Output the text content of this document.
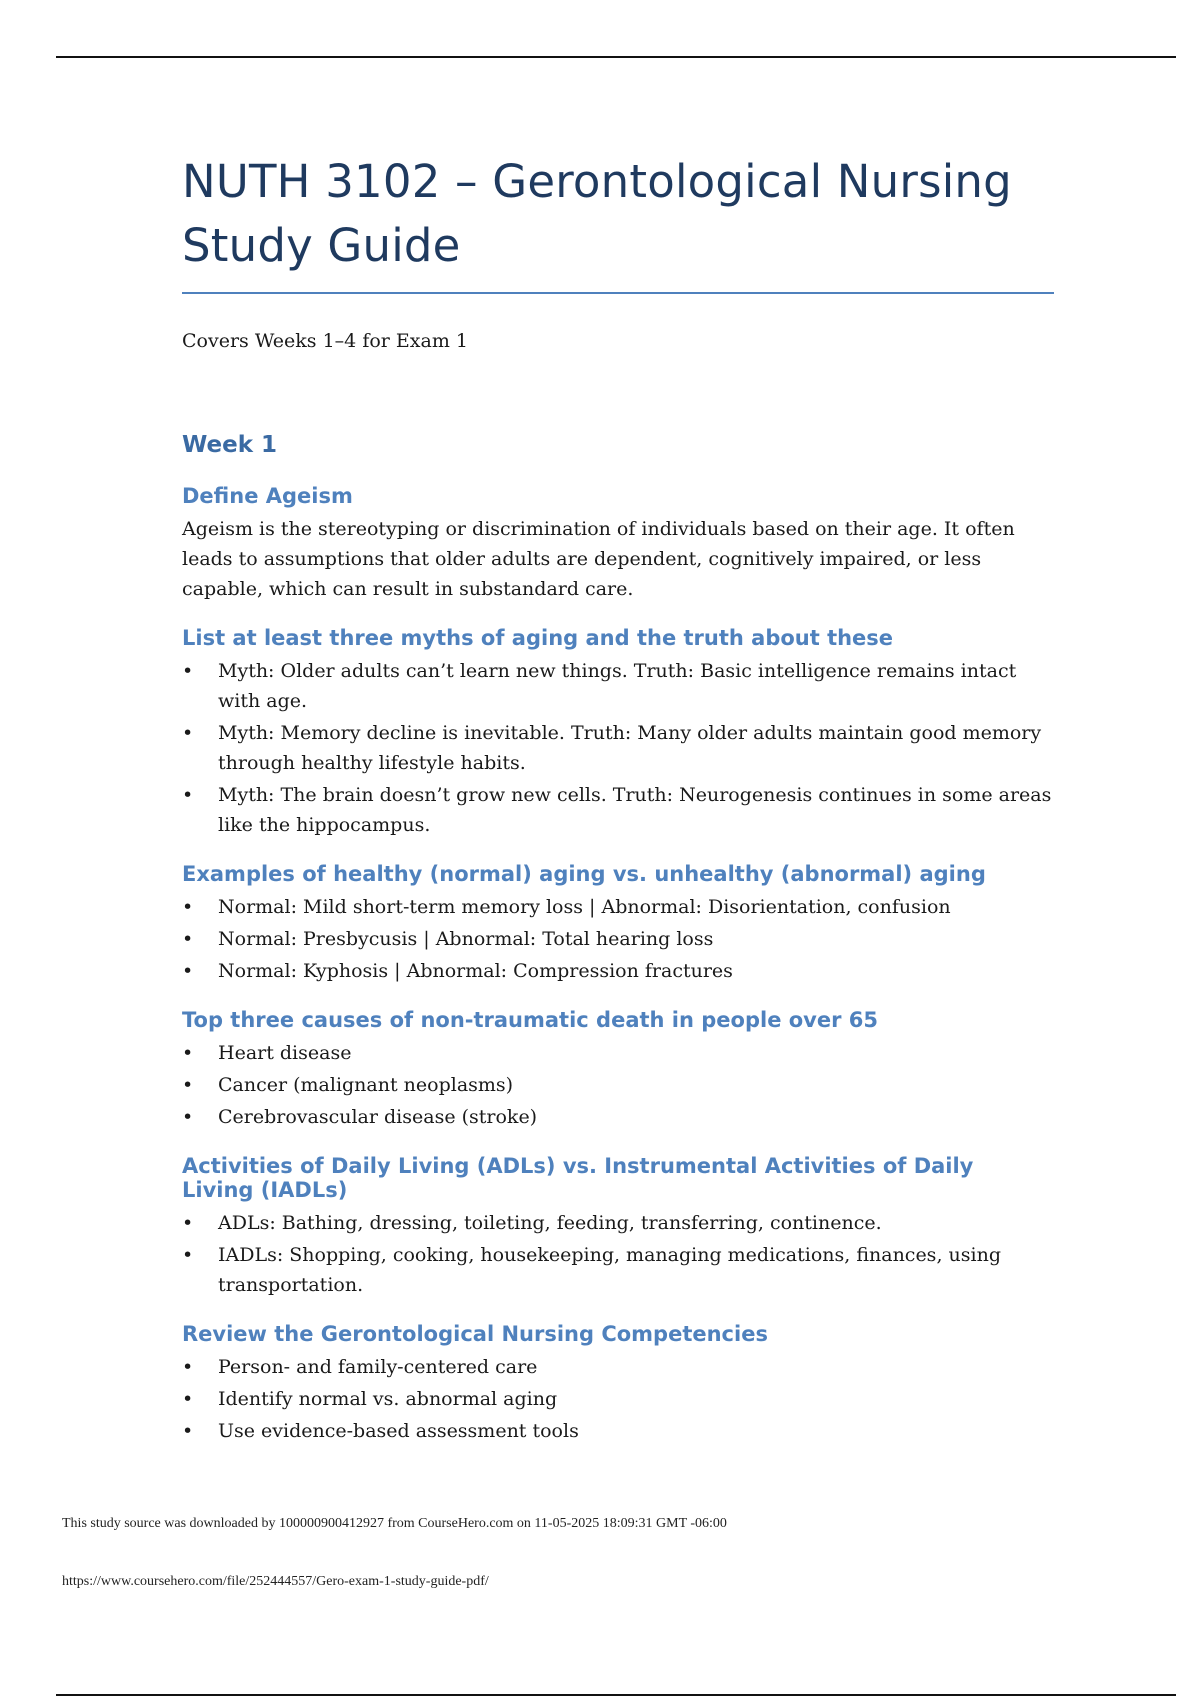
NUTH 3102 – Gerontological Nursing Study Guide
Covers Weeks 1–4 for Exam 1
Week 1
Define Ageism

Ageism is the stereotyping or discrimination of individuals based on their age. It often leads to assumptions that older adults are dependent, cognitively impaired, or less capable, which can result in substandard care.

List at least three myths of aging and the truth about these
• Myth: Older adults can’t learn new things. Truth: Basic intelligence remains intact with age.
• Myth: Memory decline is inevitable. Truth: Many older adults maintain good memory through healthy lifestyle habits.
• Myth: The brain doesn’t grow new cells. Truth: Neurogenesis continues in some areas like the hippocampus.
Examples of healthy (normal) aging vs. unhealthy (abnormal) aging
• Normal: Mild short-term memory loss | Abnormal: Disorientation, confusion
• Normal: Presbycusis | Abnormal: Total hearing loss
• Normal: Kyphosis | Abnormal: Compression fractures
Top three causes of non-traumatic death in people over 65
• Heart disease
• Cancer (malignant neoplasms)
• Cerebrovascular disease (stroke)
Activities of Daily Living (ADLs) vs. Instrumental Activities of Daily Living (IADLs)
• ADLs: Bathing, dressing, toileting, feeding, transferring, continence.
• IADLs: Shopping, cooking, housekeeping, managing medications, finances, using transportation.
Review the Gerontological Nursing Competencies
• Person- and family-centered care
• Identify normal vs. abnormal aging
• Use evidence-based assessment tools
This study source was downloaded by 100000900412927 from CourseHero.com on 11-05-2025 18:09:31 GMT -06:00
https://www.coursehero.com/file/252444557/Gero-exam-1-study-guide-pdf/
